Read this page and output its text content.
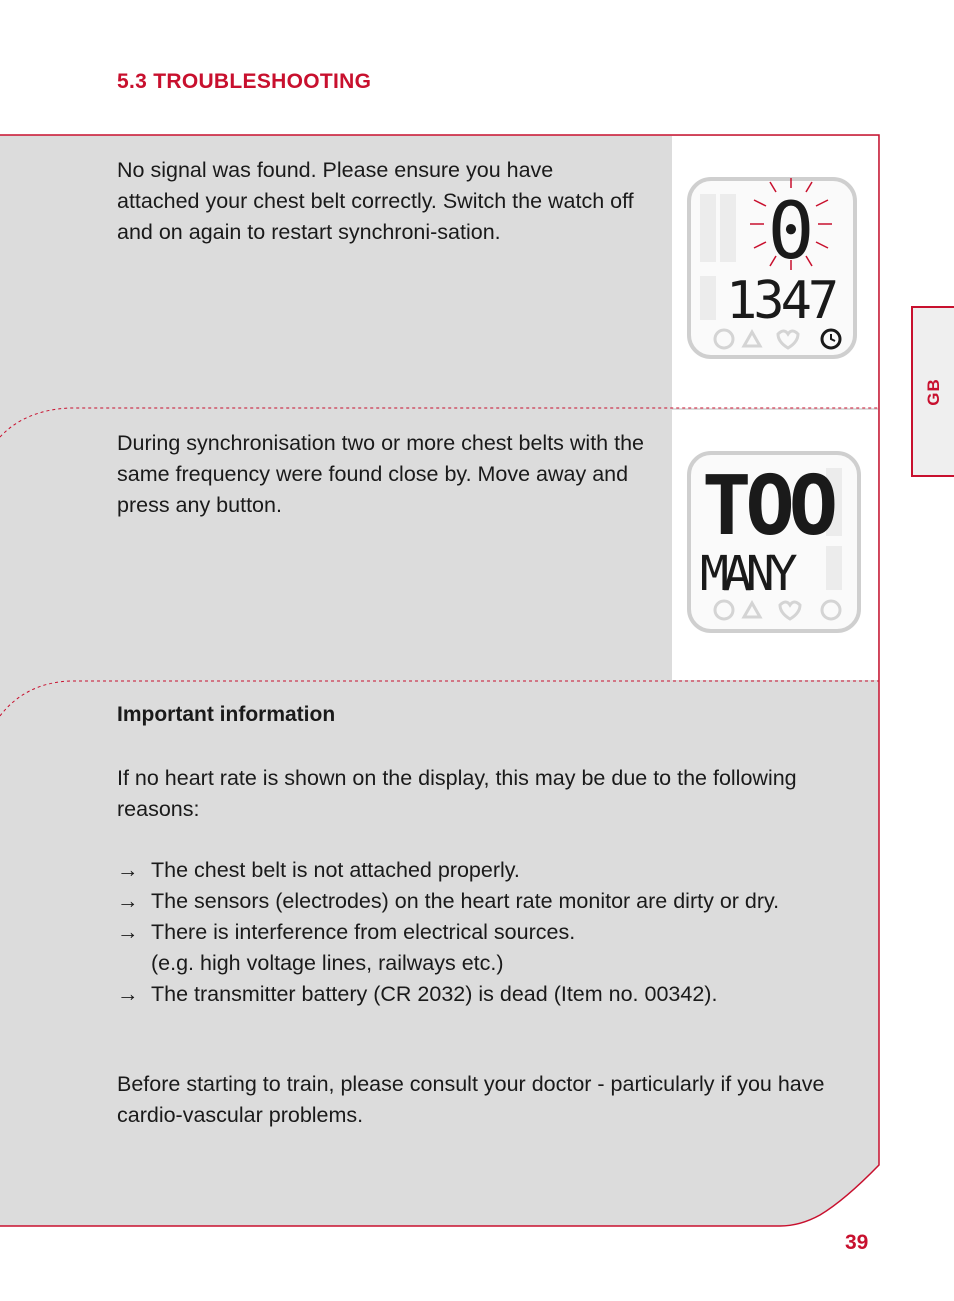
5.3 TROUBLESHOOTING
No signal was found. Please ensure you have attached your chest belt correctly. Switch the watch off and on again to restart synchroni-sation.	0
1347
During synchronisation two or more chest belts with the same frequency were found close by. Move away and press any button.	TOO
MANY
Important information
If no heart rate is shown on the display, this may be due to the following reasons:
→ The chest belt is not attached properly.
→ The sensors (electrodes) on the heart rate monitor are dirty or dry.
→ There is interference from electrical sources.
(e.g. high voltage lines, railways etc.)
→ The transmitter battery (CR 2032) is dead (Item no. 00342).
Before starting to train, please consult your doctor - particularly if you have cardio-vascular problems.
GB
39
